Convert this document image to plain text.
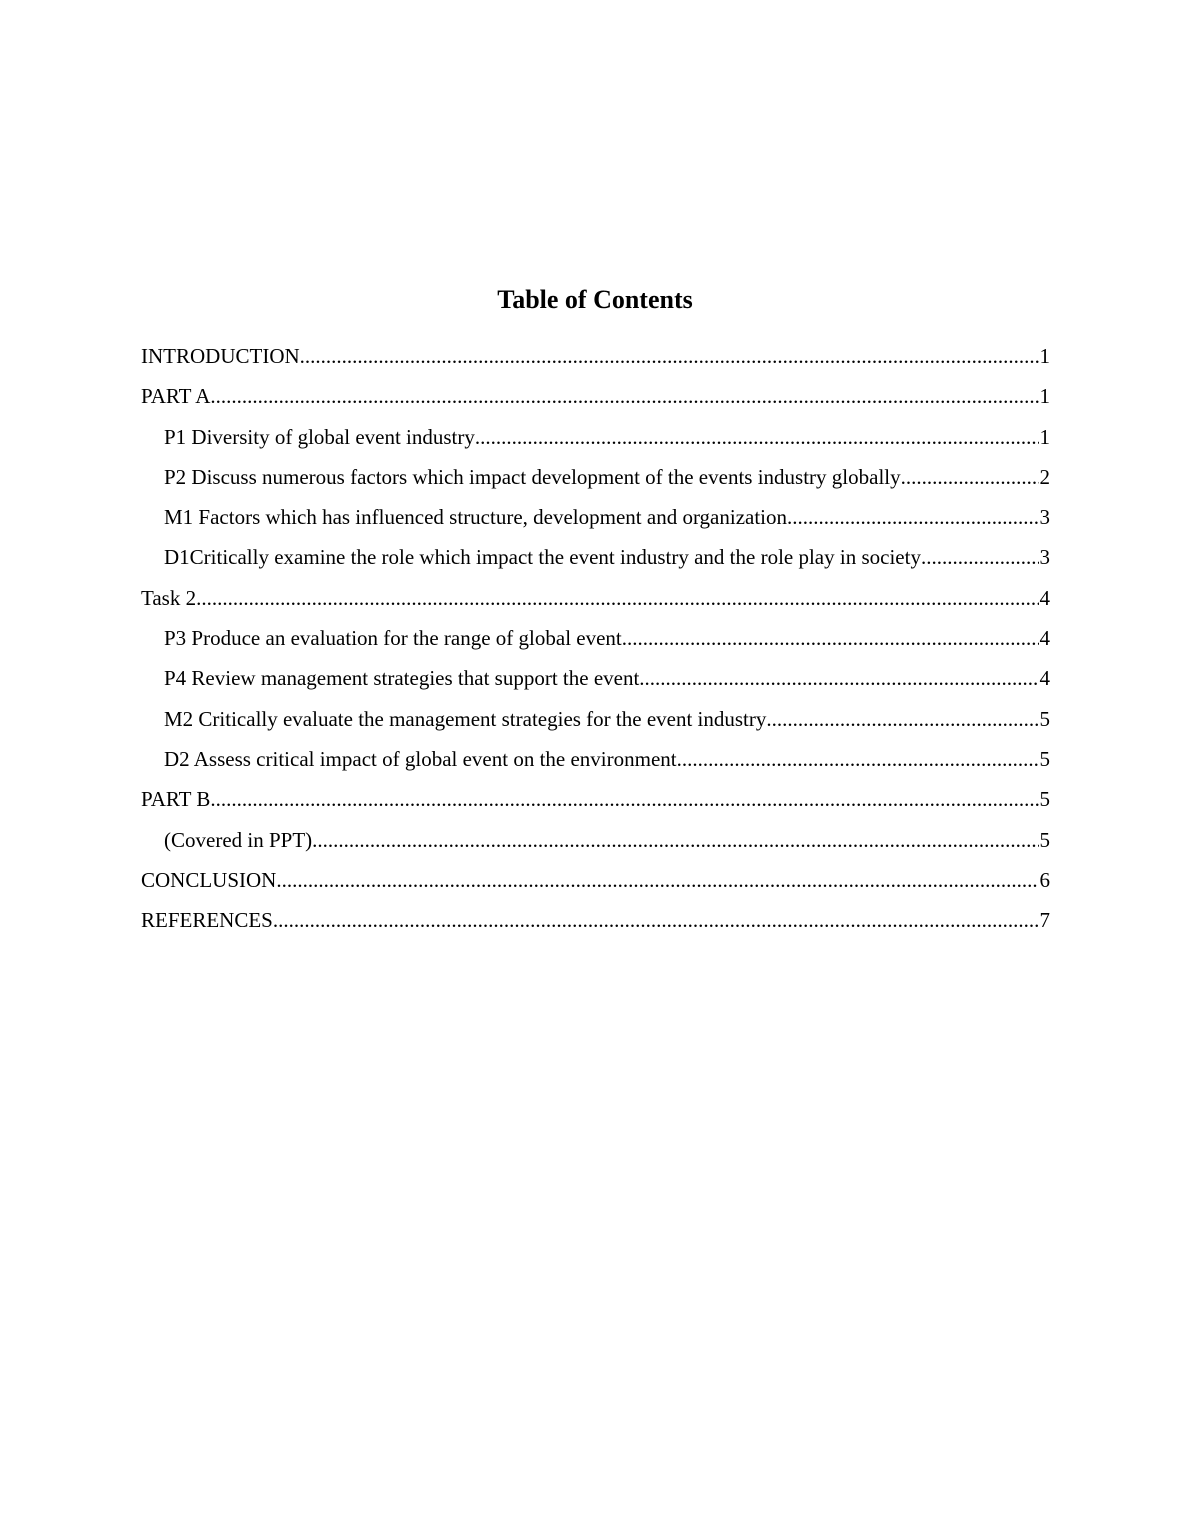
Table of Contents
INTRODUCTION .....	1
PART A .....	1
P1 Diversity of global event industry .....	1
P2 Discuss numerous factors which impact development of the events industry globally .....	2
M1 Factors which has influenced structure, development and organization .....	3
D1Critically examine the role which impact the event industry and the role play in society .....	3
Task 2 .....	4
P3 Produce an evaluation for the range of global event .....	4
P4 Review management strategies that support the event .....	4
M2 Critically evaluate the management strategies for the event industry .....	5
D2 Assess critical impact of global event on the environment .....	5
PART B .....	5
(Covered in PPT) .....	5
CONCLUSION .....	6
REFERENCES .....	7
